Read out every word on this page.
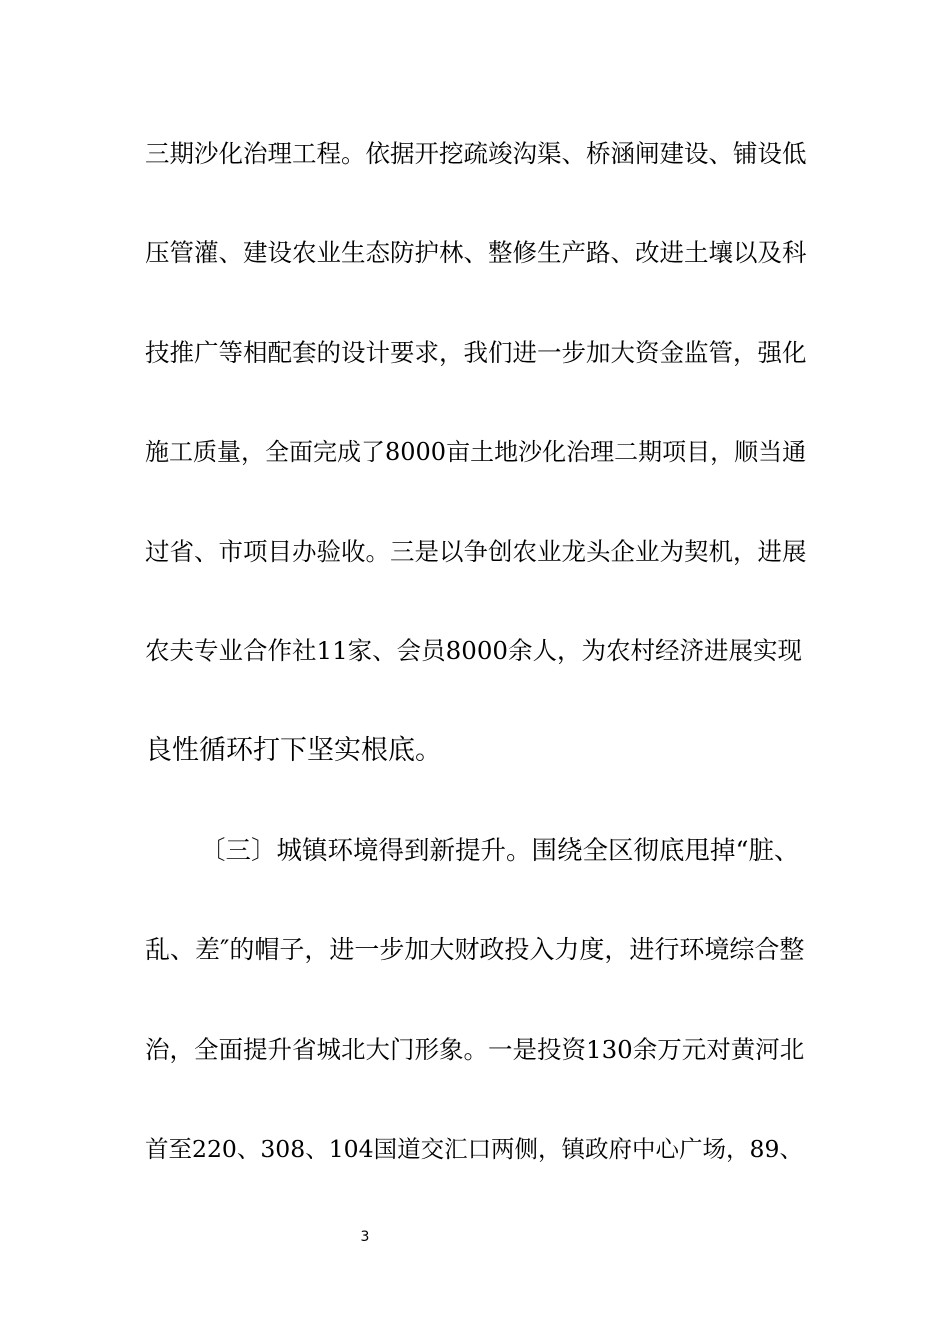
三期沙化治理工程。依据开挖疏竣沟渠、桥涵闸建设、铺设低
压管灌、建设农业生态防护林、整修生产路、改进土壤以及科
技推广等相配套的设计要求，我们进一步加大资金监管，强化
施工质量，全面完成了8000亩土地沙化治理二期项目，顺当通
过省、市项目办验收。三是以争创农业龙头企业为契机，进展
农夫专业合作社11家、会员8000余人，为农村经济进展实现
良性循环打下坚实根底。
〔三〕城镇环境得到新提升。围绕全区彻底甩掉“脏、
乱、差″的帽子，进一步加大财政投入力度，进行环境综合整
治，全面提升省城北大门形象。一是投资130余万元对黄河北
首至220、308、104国道交汇口两侧，镇政府中心广场，89、
3
